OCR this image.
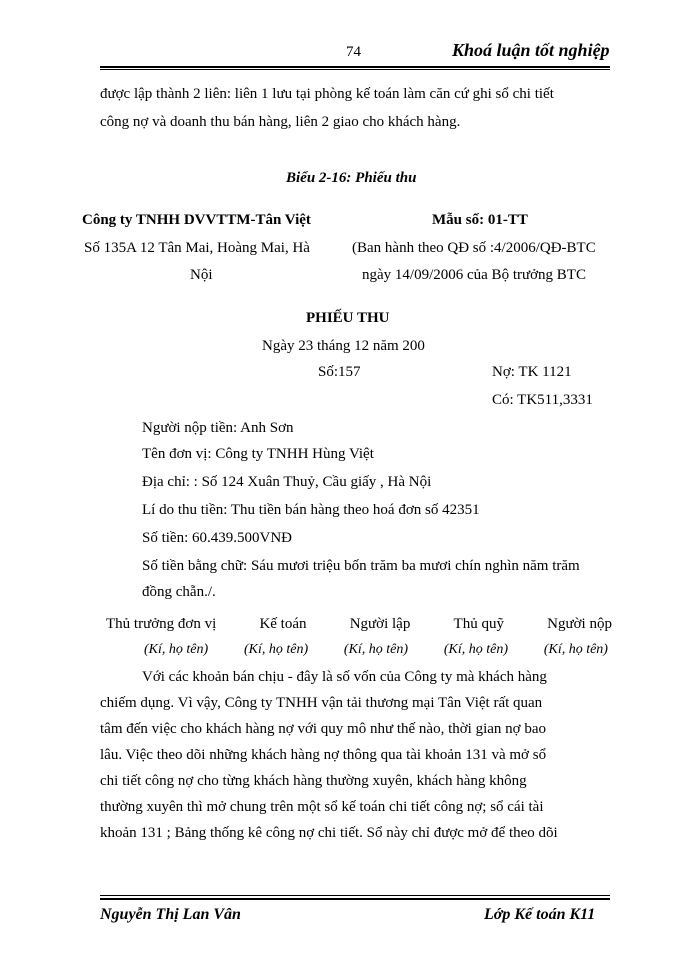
74	Khoá luận tốt nghiệp
được lập thành 2 liên: liên 1 lưu tại phòng kế toán làm căn cứ ghi sổ chi tiết
công nợ và doanh thu bán hàng, liên 2 giao cho khách hàng.
Biểu 2-16: Phiếu thu
Công ty TNHH DVVTTM-Tân Việt
Số 135A 12 Tân Mai, Hoàng Mai, Hà
Nội
Mẫu số: 01-TT
(Ban hành theo QĐ số :4/2006/QĐ-BTC
ngày 14/09/2006 của Bộ trưởng BTC
PHIẾU THU
Ngày 23 tháng 12 năm 200
Số:157	Nợ: TK 1121
Có: TK511,3331
Người nộp tiền: Anh Sơn
Tên đơn vị: Công ty TNHH Hùng Việt
Địa chỉ: : Số 124 Xuân Thuỷ, Cầu giấy , Hà Nội
Lí do thu tiền: Thu tiền bán hàng theo hoá đơn số 42351
Số tiền: 60.439.500VNĐ
Số tiền bằng chữ: Sáu mươi triệu bốn trăm ba mươi chín nghìn năm trăm
đồng chẵn./.
Thủ trưởng đơn vị	Kế toán	Người lập	Thủ quỹ	Người nộp
(Kí, họ tên)	(Kí, họ tên)	(Kí, họ tên)	(Kí, họ tên)	(Kí, họ tên)
Với các khoản bán chịu - đây là số vốn của Công ty mà khách hàng
chiếm dụng. Vì vậy, Công ty TNHH vận tải thương mại Tân Việt rất quan
tâm đến việc cho khách hàng nợ với quy mô như thế nào, thời gian nợ bao
lâu. Việc theo dõi những khách hàng nợ thông qua tài khoản 131 và mở sổ
chi tiết công nợ cho từng khách hàng thường xuyên, khách hàng không
thường xuyên thì mở chung trên một sổ kế toán chi tiết công nợ; sổ cái tài
khoản 131 ; Bảng thống kê công nợ chi tiết. Sổ này chỉ được mở để theo dõi
Nguyễn Thị Lan Vân	Lớp Kế toán K11
